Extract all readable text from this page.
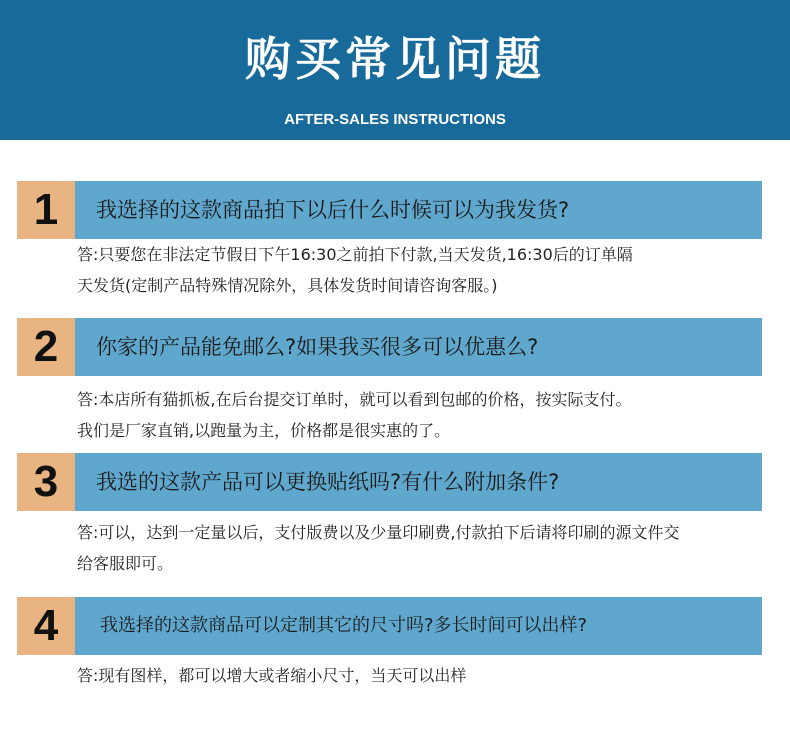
购买常见问题
AFTER-SALES INSTRUCTIONS
1	我选择的这款商品拍下以后什么时候可以为我发货?
答:只要您在非法定节假日下午16:30之前拍下付款,当天发货,16:30后的订单隔
天发货(定制产品特殊情况除外，具体发货时间请咨询客服。)
2	你家的产品能免邮么?如果我买很多可以优惠么?
答:本店所有猫抓板,在后台提交订单时，就可以看到包邮的价格，按实际支付。
我们是厂家直销,以跑量为主，价格都是很实惠的了。
3	我选的这款产品可以更换贴纸吗?有什么附加条件?
答:可以，达到一定量以后，支付版费以及少量印刷费,付款拍下后请将印刷的源文件交
给客服即可。
4	我选择的这款商品可以定制其它的尺寸吗?多长时间可以出样?
答:现有图样，都可以增大或者缩小尺寸，当天可以出样
